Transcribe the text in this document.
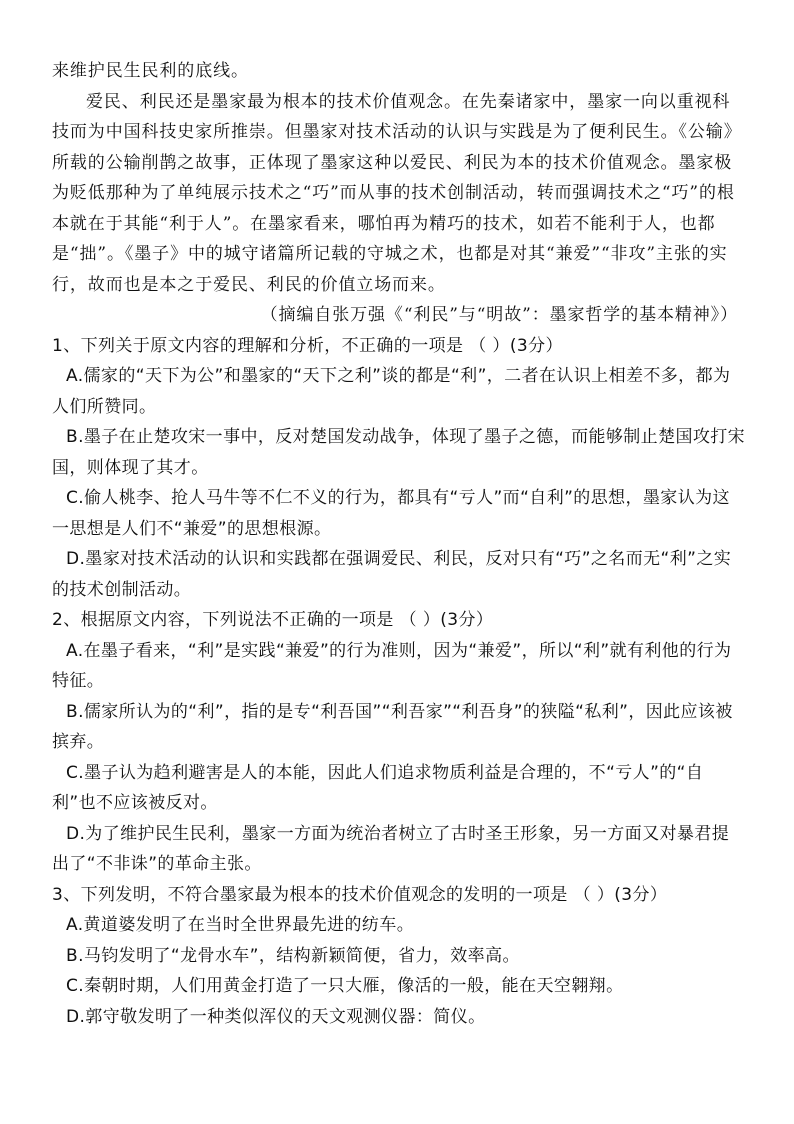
来维护民生民利的底线。

爱民、利民还是墨家最为根本的技术价值观念。在先秦诸家中，墨家一向以重视科技而为中国科技史家所推崇。但墨家对技术活动的认识与实践是为了便利民生。《公输》所载的公输削鹊之故事，正体现了墨家这种以爱民、利民为本的技术价值观念。墨家极为贬低那种为了单纯展示技术之“巧”而从事的技术创制活动，转而强调技术之“巧”的根本就在于其能“利于人”。在墨家看来，哪怕再为精巧的技术，如若不能利于人，也都是“拙”。《墨子》中的城守诸篇所记载的守城之术，也都是对其“兼爱”“非攻”主张的实行，故而也是本之于爱民、利民的价值立场而来。

（摘编自张万强《“利民”与“明故”：墨家哲学的基本精神》）

1、下列关于原文内容的理解和分析，不正确的一项是 （ ）(3分）

A.儒家的“天下为公”和墨家的“天下之利”谈的都是“利”，二者在认识上相差不多，都为人们所赞同。

B.墨子在止楚攻宋一事中，反对楚国发动战争，体现了墨子之德，而能够制止楚国攻打宋国，则体现了其才。

C.偷人桃李、抢人马牛等不仁不义的行为，都具有“亏人”而“自利”的思想，墨家认为这一思想是人们不“兼爱”的思想根源。

D.墨家对技术活动的认识和实践都在强调爱民、利民，反对只有“巧”之名而无“利”之实的技术创制活动。

2、根据原文内容，下列说法不正确的一项是 （ ）(3分）

A.在墨子看来，“利”是实践“兼爱”的行为准则，因为“兼爱”，所以“利”就有利他的行为特征。

B.儒家所认为的“利”，指的是专“利吾国”“利吾家”“利吾身”的狭隘“私利”，因此应该被摈弃。

C.墨子认为趋利避害是人的本能，因此人们追求物质利益是合理的，不“亏人”的“自利”也不应该被反对。

D.为了维护民生民利，墨家一方面为统治者树立了古时圣王形象，另一方面又对暴君提出了“不非诛”的革命主张。

3、下列发明，不符合墨家最为根本的技术价值观念的发明的一项是 （ ）(3分）

A.黄道婆发明了在当时全世界最先进的纺车。

B.马钧发明了“龙骨水车”，结构新颖简便，省力，效率高。

C.秦朝时期，人们用黄金打造了一只大雁，像活的一般，能在天空翱翔。

D.郭守敬发明了一种类似浑仪的天文观测仪器：简仪。
